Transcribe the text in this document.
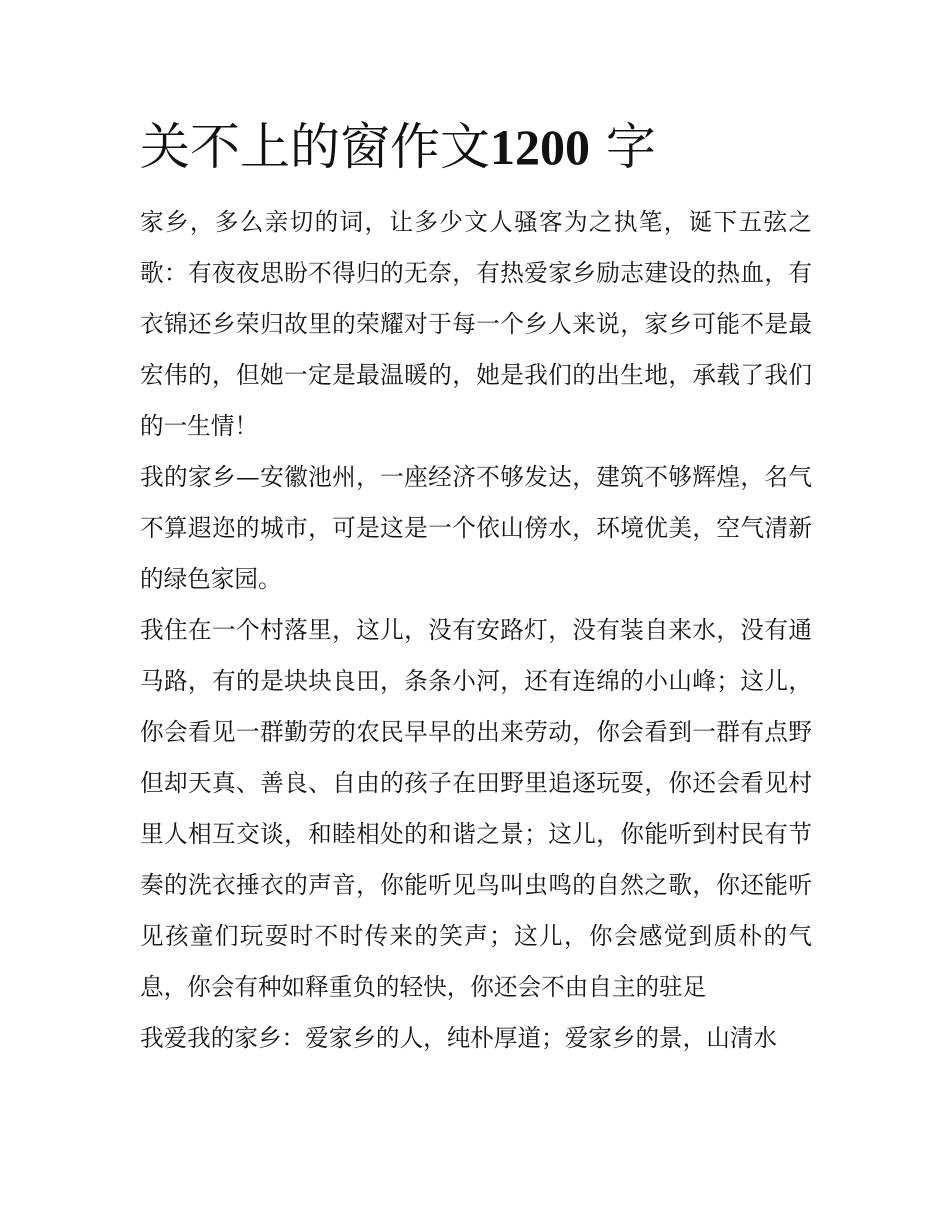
关不上的窗作文1200 字

家乡，多么亲切的词，让多少文人骚客为之执笔，诞下五弦之歌：有夜夜思盼不得归的无奈，有热爱家乡励志建设的热血，有衣锦还乡荣归故里的荣耀对于每一个乡人来说，家乡可能不是最宏伟的，但她一定是最温暖的，她是我们的出生地，承载了我们的一生情！

我的家乡—安徽池州，一座经济不够发达，建筑不够辉煌，名气不算遐迩的城市，可是这是一个依山傍水，环境优美，空气清新的绿色家园。

我住在一个村落里，这儿，没有安路灯，没有装自来水，没有通马路，有的是块块良田，条条小河，还有连绵的小山峰；这儿，你会看见一群勤劳的农民早早的出来劳动，你会看到一群有点野但却天真、善良、自由的孩子在田野里追逐玩耍，你还会看见村里人相互交谈，和睦相处的和谐之景；这儿，你能听到村民有节奏的洗衣捶衣的声音，你能听见鸟叫虫鸣的自然之歌，你还能听见孩童们玩耍时不时传来的笑声；这儿，你会感觉到质朴的气息，你会有种如释重负的轻快，你还会不由自主的驻足

我爱我的家乡：爱家乡的人，纯朴厚道；爱家乡的景，山清水
